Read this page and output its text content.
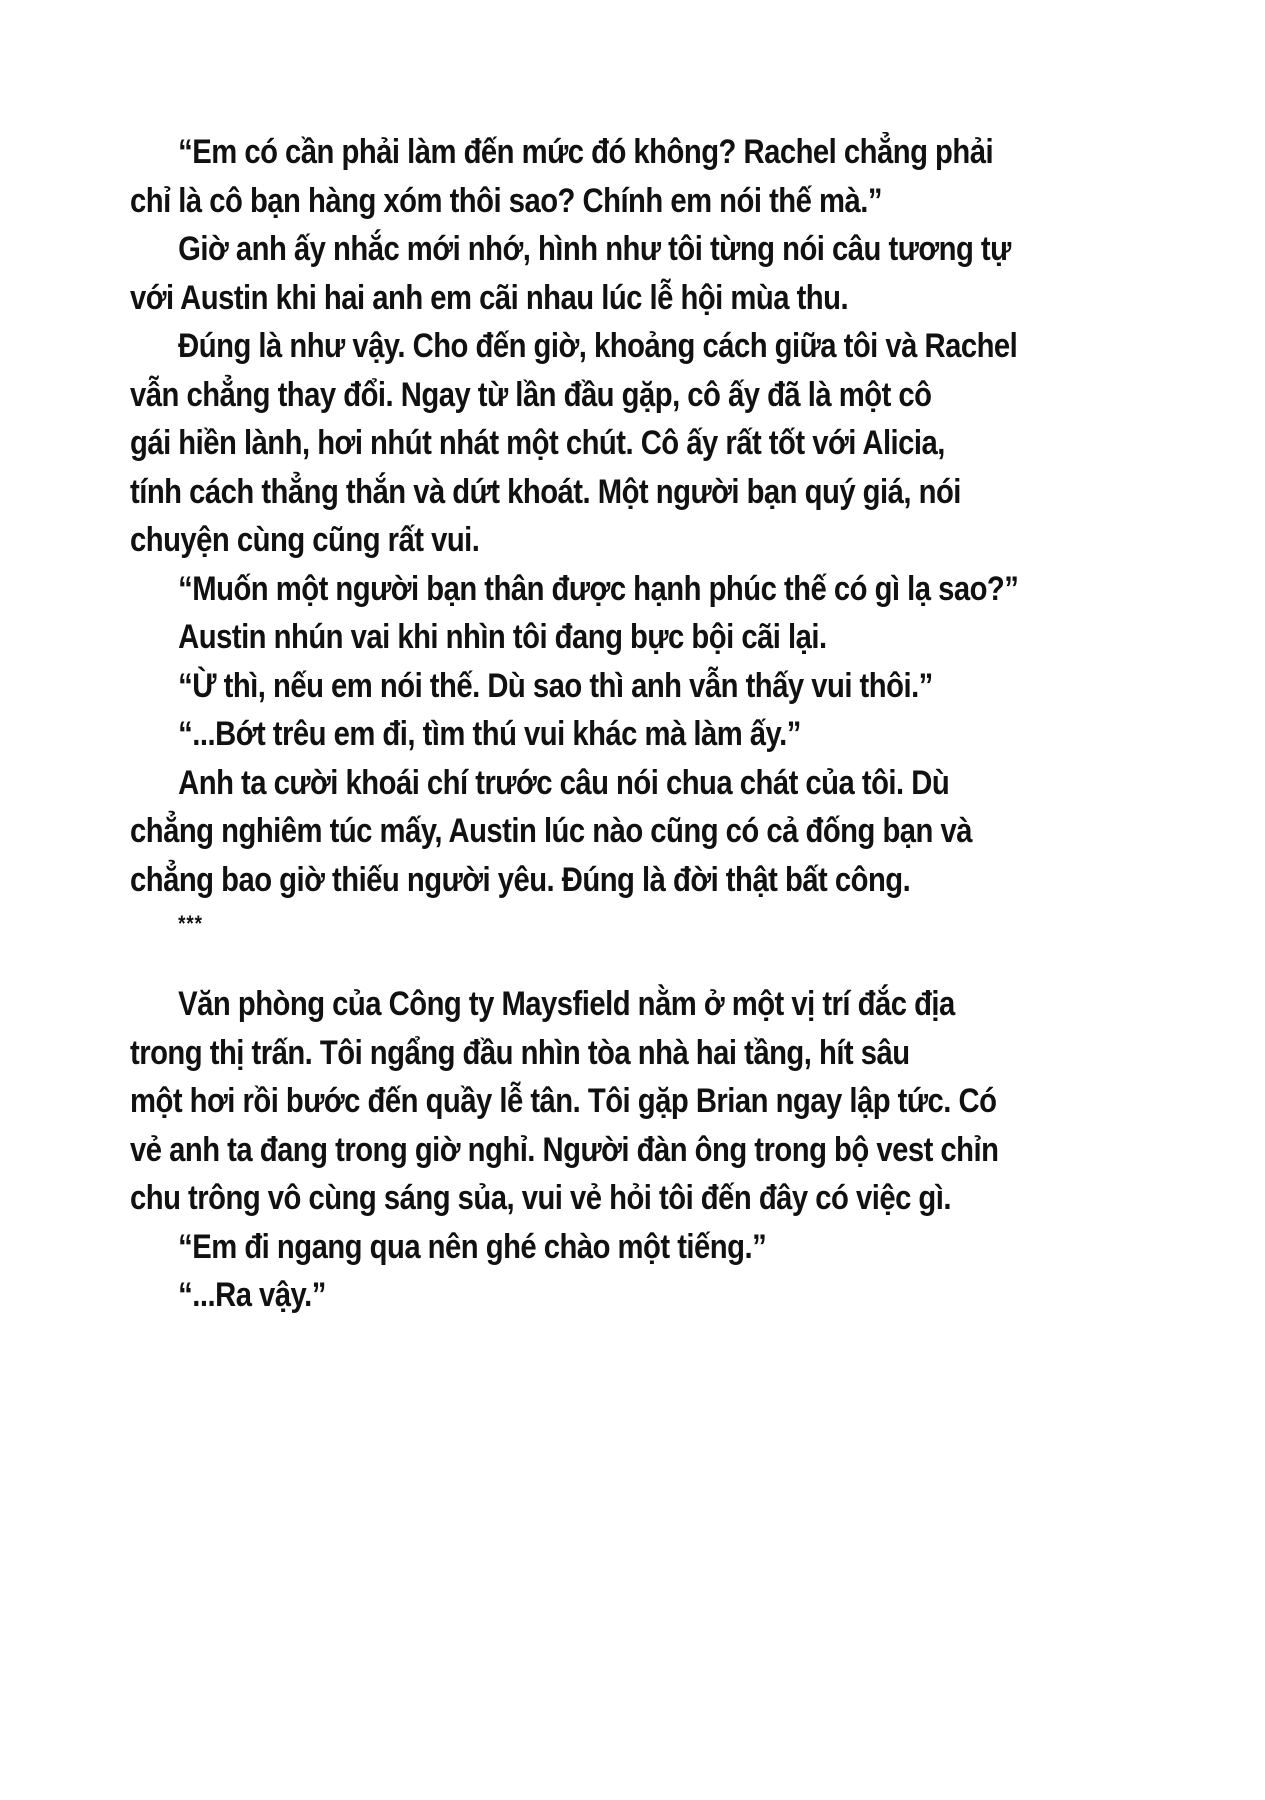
“Em có cần phải làm đến mức đó không? Rachel chẳng phải
chỉ là cô bạn hàng xóm thôi sao? Chính em nói thế mà.”
Giờ anh ấy nhắc mới nhớ, hình như tôi từng nói câu tương tự
với Austin khi hai anh em cãi nhau lúc lễ hội mùa thu.
Đúng là như vậy. Cho đến giờ, khoảng cách giữa tôi và Rachel
vẫn chẳng thay đổi. Ngay từ lần đầu gặp, cô ấy đã là một cô
gái hiền lành, hơi nhút nhát một chút. Cô ấy rất tốt với Alicia,
tính cách thẳng thắn và dứt khoát. Một người bạn quý giá, nói
chuyện cùng cũng rất vui.
“Muốn một người bạn thân được hạnh phúc thế có gì lạ sao?”
Austin nhún vai khi nhìn tôi đang bực bội cãi lại.
“Ừ thì, nếu em nói thế. Dù sao thì anh vẫn thấy vui thôi.”
“...Bớt trêu em đi, tìm thú vui khác mà làm ấy.”
Anh ta cười khoái chí trước câu nói chua chát của tôi. Dù
chẳng nghiêm túc mấy, Austin lúc nào cũng có cả đống bạn và
chẳng bao giờ thiếu người yêu. Đúng là đời thật bất công.
***
Văn phòng của Công ty Maysfield nằm ở một vị trí đắc địa
trong thị trấn. Tôi ngẩng đầu nhìn tòa nhà hai tầng, hít sâu
một hơi rồi bước đến quầy lễ tân. Tôi gặp Brian ngay lập tức. Có
vẻ anh ta đang trong giờ nghỉ. Người đàn ông trong bộ vest chỉn
chu trông vô cùng sáng sủa, vui vẻ hỏi tôi đến đây có việc gì.
“Em đi ngang qua nên ghé chào một tiếng.”
“...Ra vậy.”
